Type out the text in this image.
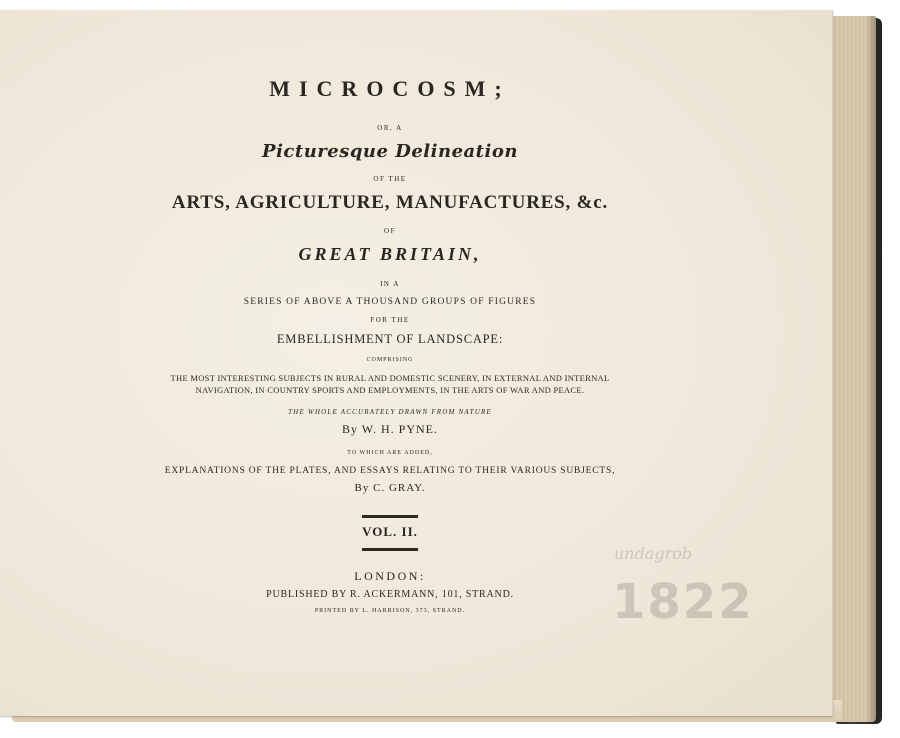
MICROCOSM;
OR, A
Picturesque Delineation
OF THE
ARTS, AGRICULTURE, MANUFACTURES, &c.
OF
GREAT BRITAIN,
IN A
SERIES OF ABOVE A THOUSAND GROUPS OF FIGURES
FOR THE
EMBELLISHMENT OF LANDSCAPE:
COMPRISING
THE MOST INTERESTING SUBJECTS IN RURAL AND DOMESTIC SCENERY, IN EXTERNAL AND INTERNAL
NAVIGATION, IN COUNTRY SPORTS AND EMPLOYMENTS, IN THE ARTS OF WAR AND PEACE.
THE WHOLE ACCURATELY DRAWN FROM NATURE
By W. H. PYNE.
TO WHICH ARE ADDED,
EXPLANATIONS OF THE PLATES, AND ESSAYS RELATING TO THEIR VARIOUS SUBJECTS,
By C. GRAY.
VOL. II.
LONDON:
PUBLISHED BY R. ACKERMANN, 101, STRAND.
PRINTED BY L. HARRISON, 373, STRAND.
undagrob
1822
